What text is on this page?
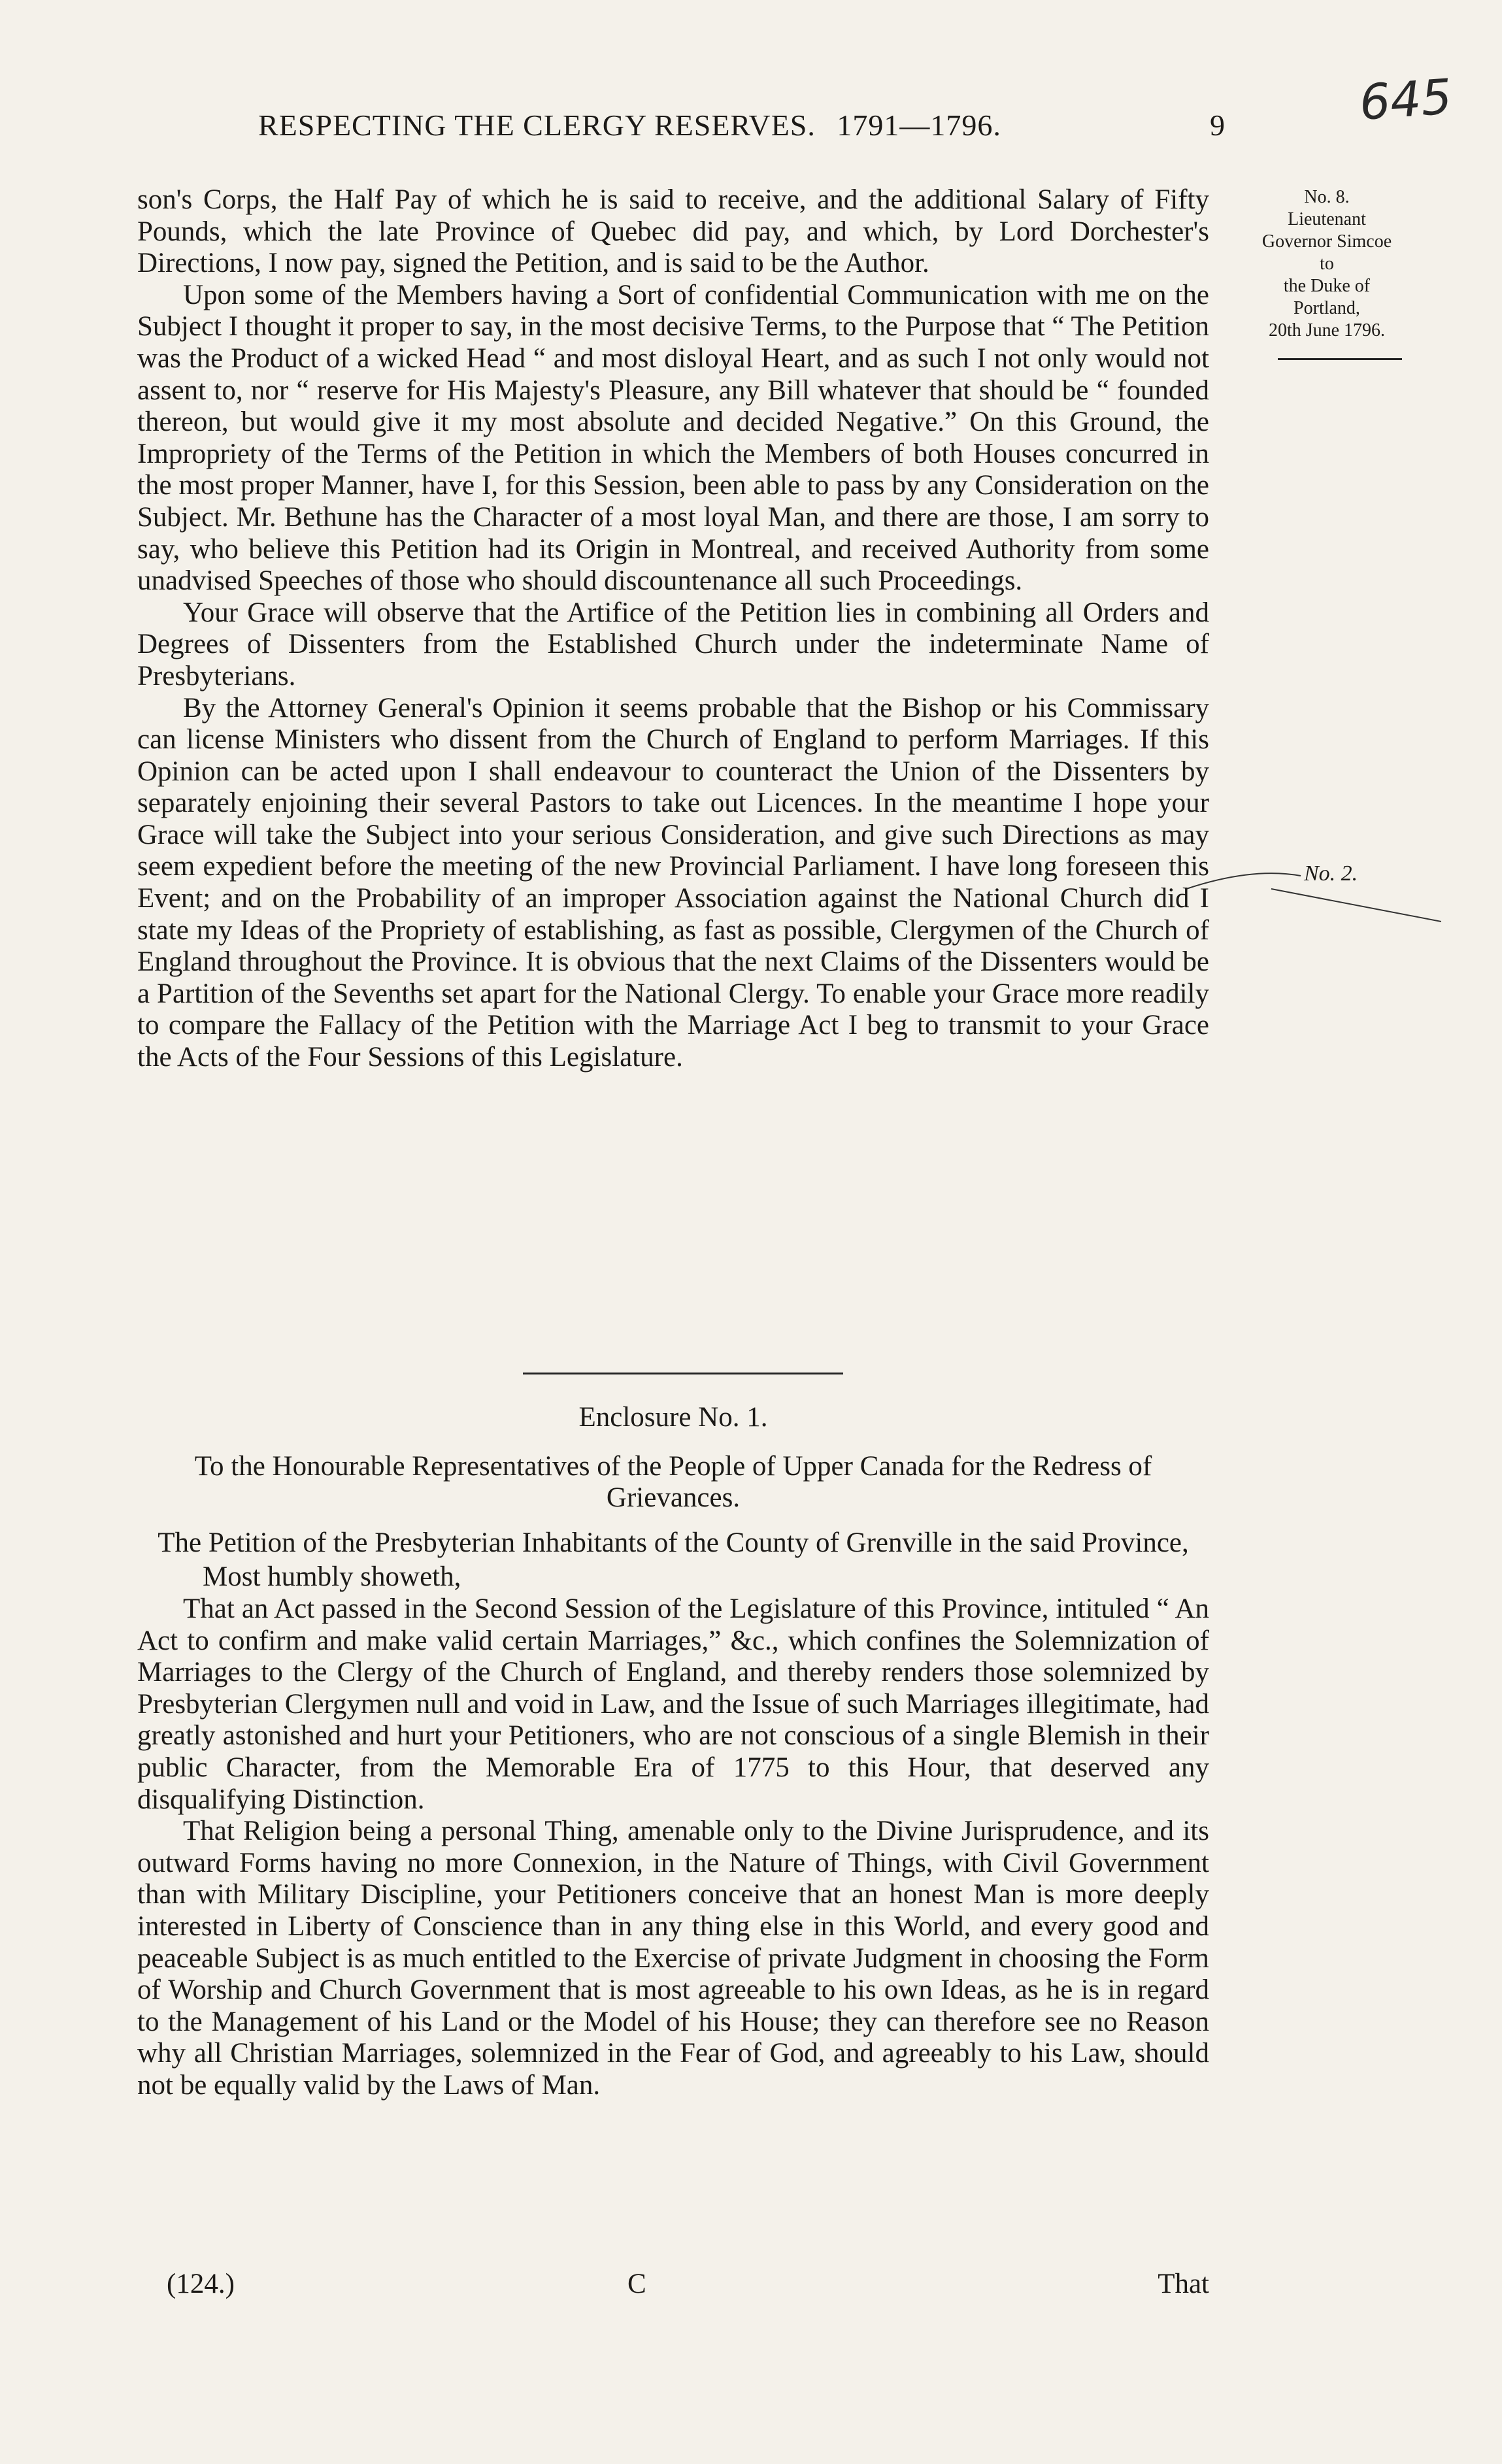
RESPECTING THE CLERGY RESERVES. 1791—1796.	9	645
No. 8.
Lieutenant
Governor Simcoe
to
the Duke of
Portland,
20th June 1796.
No. 2.

son's Corps, the Half Pay of which he is said to receive, and the additional Salary of Fifty Pounds, which the late Province of Quebec did pay, and which, by Lord Dorchester's Directions, I now pay, signed the Petition, and is said to be the Author.

Upon some of the Members having a Sort of confidential Communication with me on the Subject I thought it proper to say, in the most decisive Terms, to the Purpose that “ The Petition was the Product of a wicked Head “ and most disloyal Heart, and as such I not only would not assent to, nor “ reserve for His Majesty's Pleasure, any Bill whatever that should be “ founded thereon, but would give it my most absolute and decided Negative.” On this Ground, the Impropriety of the Terms of the Petition in which the Members of both Houses concurred in the most proper Manner, have I, for this Session, been able to pass by any Consideration on the Subject. Mr. Bethune has the Character of a most loyal Man, and there are those, I am sorry to say, who believe this Petition had its Origin in Montreal, and received Authority from some unadvised Speeches of those who should discountenance all such Proceedings.

Your Grace will observe that the Artifice of the Petition lies in combining all Orders and Degrees of Dissenters from the Established Church under the indeterminate Name of Presbyterians.

By the Attorney General's Opinion it seems probable that the Bishop or his Commissary can license Ministers who dissent from the Church of England to perform Marriages. If this Opinion can be acted upon I shall endeavour to counteract the Union of the Dissenters by separately enjoining their several Pastors to take out Licences. In the meantime I hope your Grace will take the Subject into your serious Consideration, and give such Directions as may seem expedient before the meeting of the new Provincial Parliament. I have long foreseen this Event; and on the Probability of an improper Association against the National Church did I state my Ideas of the Propriety of establishing, as fast as possible, Clergymen of the Church of England throughout the Province. It is obvious that the next Claims of the Dissenters would be a Partition of the Sevenths set apart for the National Clergy. To enable your Grace more readily to compare the Fallacy of the Petition with the Marriage Act I beg to transmit to your Grace the Acts of the Four Sessions of this Legislature.

Enclosure No. 1.
To the Honourable Representatives of the People of Upper Canada for the Redress of Grievances.
The Petition of the Presbyterian Inhabitants of the County of Grenville in the said Province,
Most humbly showeth,

That an Act passed in the Second Session of the Legislature of this Province, intituled “ An Act to confirm and make valid certain Marriages,” &c., which confines the Solemnization of Marriages to the Clergy of the Church of England, and thereby renders those solemnized by Presbyterian Clergymen null and void in Law, and the Issue of such Marriages illegitimate, had greatly astonished and hurt your Petitioners, who are not conscious of a single Blemish in their public Character, from the Memorable Era of 1775 to this Hour, that deserved any disqualifying Distinction.

That Religion being a personal Thing, amenable only to the Divine Jurisprudence, and its outward Forms having no more Connexion, in the Nature of Things, with Civil Government than with Military Discipline, your Petitioners conceive that an honest Man is more deeply interested in Liberty of Conscience than in any thing else in this World, and every good and peaceable Subject is as much entitled to the Exercise of private Judgment in choosing the Form of Worship and Church Government that is most agreeable to his own Ideas, as he is in regard to the Management of his Land or the Model of his House; they can therefore see no Reason why all Christian Marriages, solemnized in the Fear of God, and agreeably to his Law, should not be equally valid by the Laws of Man.

(124.)	C	That
